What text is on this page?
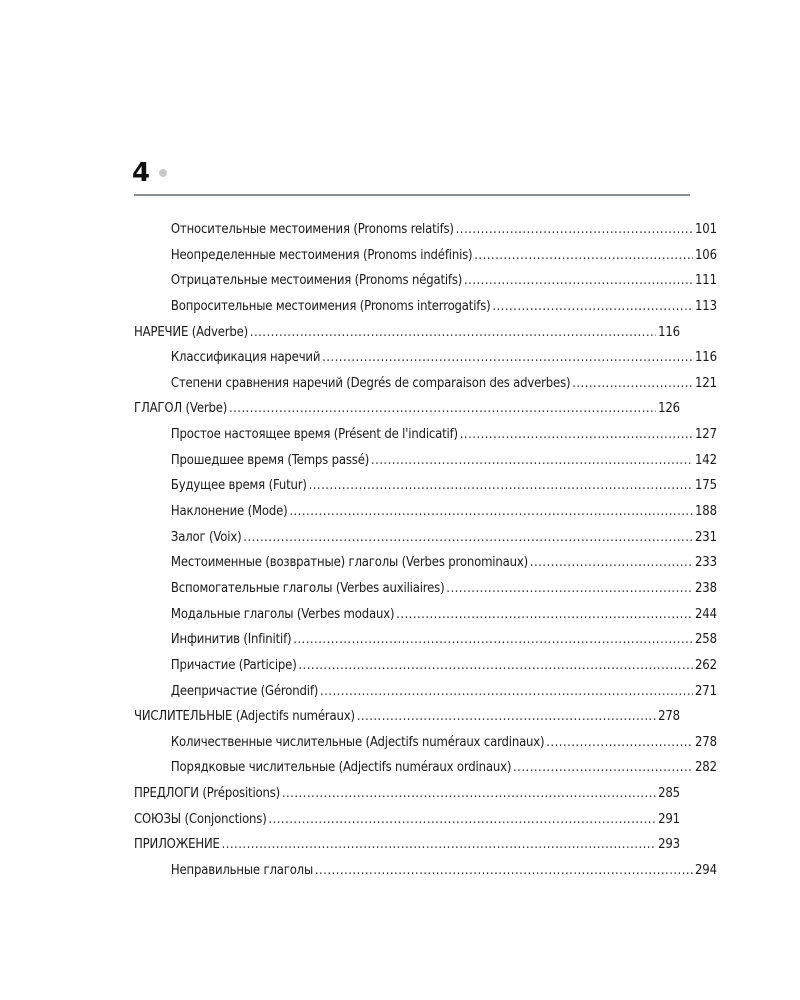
4
Относительные местоимения (Pronoms relatifs) .....	101
Неопределенные местоимения (Pronoms indéfinis) .....	106
Отрицательные местоимения (Pronoms négatifs) .....	111
Вопросительные местоимения (Pronoms interrogatifs) .....	113
НАРЕЧИЕ (Adverbe) .....	116
Классификация наречий .....	116
Степени сравнения наречий (Degrés de comparaison des adverbes) .....	121
ГЛАГОЛ (Verbe) .....	126
Простое настоящее время (Présent de l'indicatif) .....	127
Прошедшее время (Temps passé) .....	142
Будущее время (Futur) .....	175
Наклонение (Mode) .....	188
Залог (Voix) .....	231
Местоименные (возвратные) глаголы (Verbes pronominaux) .....	233
Вспомогательные глаголы (Verbes auxiliaires) .....	238
Модальные глаголы (Verbes modaux) .....	244
Инфинитив (Infinitif) .....	258
Причастие (Participe) .....	262
Деепричастие (Gérondif) .....	271
ЧИСЛИТЕЛЬНЫЕ (Adjectifs numéraux) .....	278
Количественные числительные (Adjectifs numéraux cardinaux) .....	278
Порядковые числительные (Adjectifs numéraux ordinaux) .....	282
ПРЕДЛОГИ (Prépositions) .....	285
СОЮЗЫ (Conjonctions) .....	291
ПРИЛОЖЕНИЕ .....	293
Неправильные глаголы .....	294
